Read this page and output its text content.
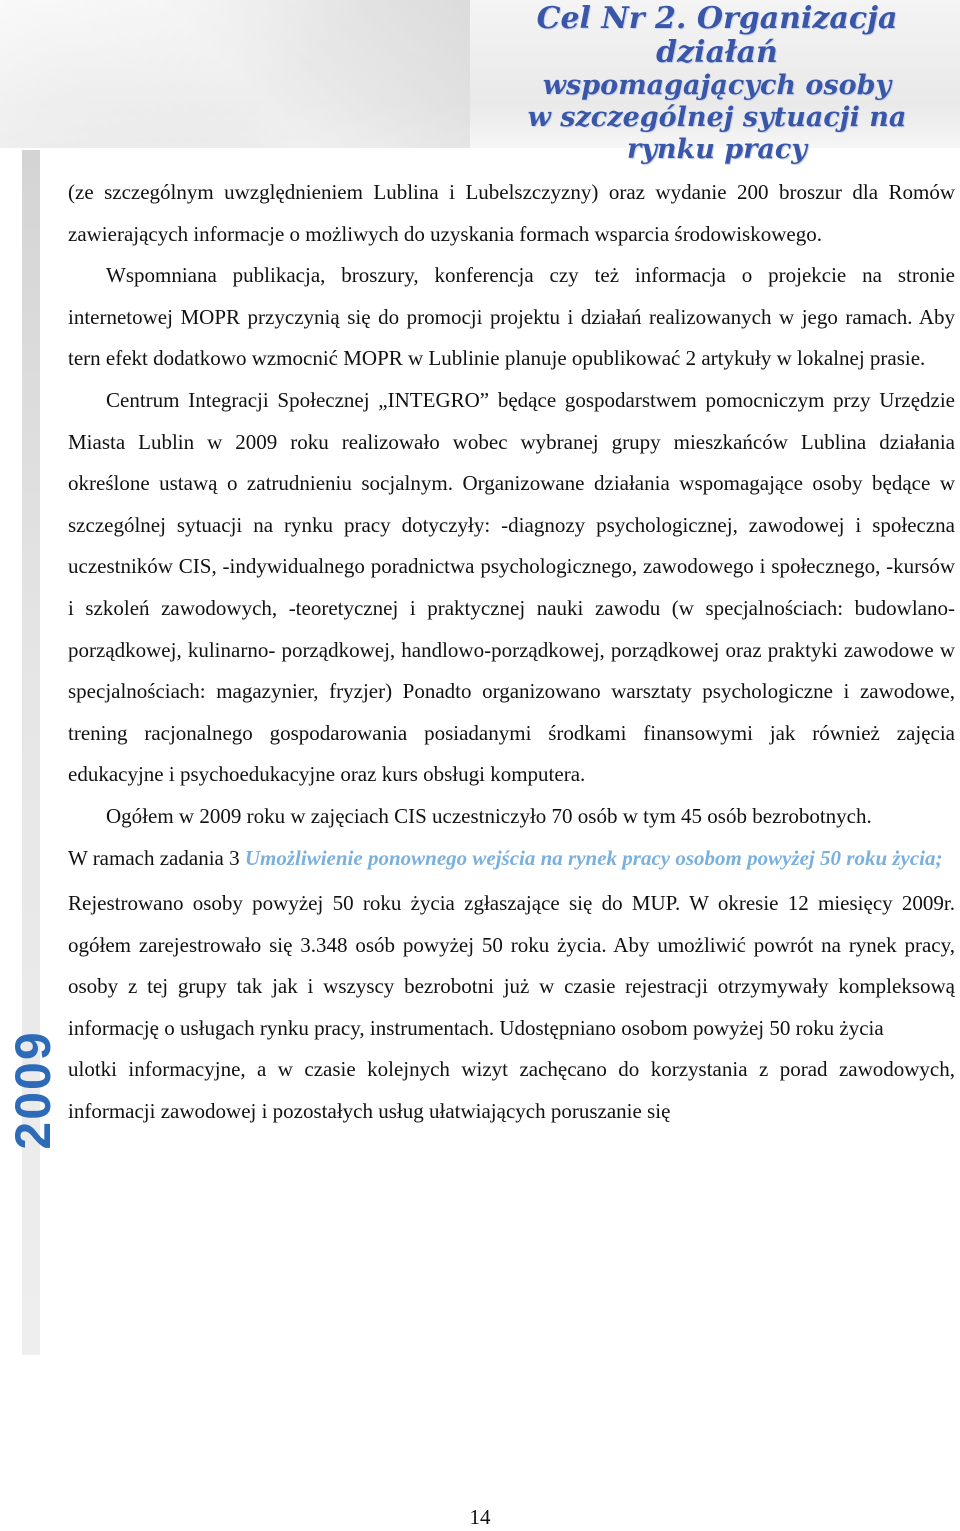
Cel Nr 2. Organizacja działań
wspomagających osoby
w szczególnej sytuacji na rynku pracy
2009

(ze szczególnym uwzględnieniem Lublina i Lubelszczyzny) oraz wydanie 200 broszur dla Romów zawierających informacje o możliwych do uzyskania formach wsparcia środowiskowego.

Wspomniana publikacja, broszury, konferencja czy też informacja o projekcie na stronie internetowej MOPR przyczynią się do promocji projektu i działań realizowanych w jego ramach. Aby tern efekt dodatkowo wzmocnić MOPR w Lublinie planuje opublikować 2 artykuły w lokalnej prasie.

Centrum Integracji Społecznej „INTEGRO” będące gospodarstwem pomocniczym przy Urzędzie Miasta Lublin w 2009 roku realizowało wobec wybranej grupy mieszkańców Lublina działania określone ustawą o zatrudnieniu socjalnym. Organizowane działania wspomagające osoby będące w szczególnej sytuacji na rynku pracy dotyczyły: -diagnozy psychologicznej, zawodowej i społeczna uczestników CIS, -indywidualnego poradnictwa psychologicznego, zawodowego i społecznego, -kursów i szkoleń zawodowych, -teoretycznej i praktycznej nauki zawodu (w specjalnościach: budowlano-porządkowej, kulinarno- porządkowej, handlowo-porządkowej, porządkowej oraz praktyki zawodowe w specjalnościach: magazynier, fryzjer) Ponadto organizowano warsztaty psychologiczne i zawodowe, trening racjonalnego gospodarowania posiadanymi środkami finansowymi jak również zajęcia edukacyjne i psychoedukacyjne oraz kurs obsługi komputera.

Ogółem w 2009 roku w zajęciach CIS uczestniczyło 70 osób w tym 45 osób bezrobotnych.

W ramach zadania 3 Umożliwienie ponownego wejścia na rynek pracy osobom powyżej 50 roku życia;

Rejestrowano osoby powyżej 50 roku życia zgłaszające się do MUP. W okresie 12 miesięcy 2009r. ogółem zarejestrowało się 3.348 osób powyżej 50 roku życia. Aby umożliwić powrót na rynek pracy, osoby z tej grupy tak jak i wszyscy bezrobotni już w czasie rejestracji otrzymywały kompleksową informację o usługach rynku pracy, instrumentach. Udostępniano osobom powyżej 50 roku życia

ulotki informacyjne, a w czasie kolejnych wizyt zachęcano do korzystania z porad zawodowych, informacji zawodowej i pozostałych usług ułatwiających poruszanie się

14
